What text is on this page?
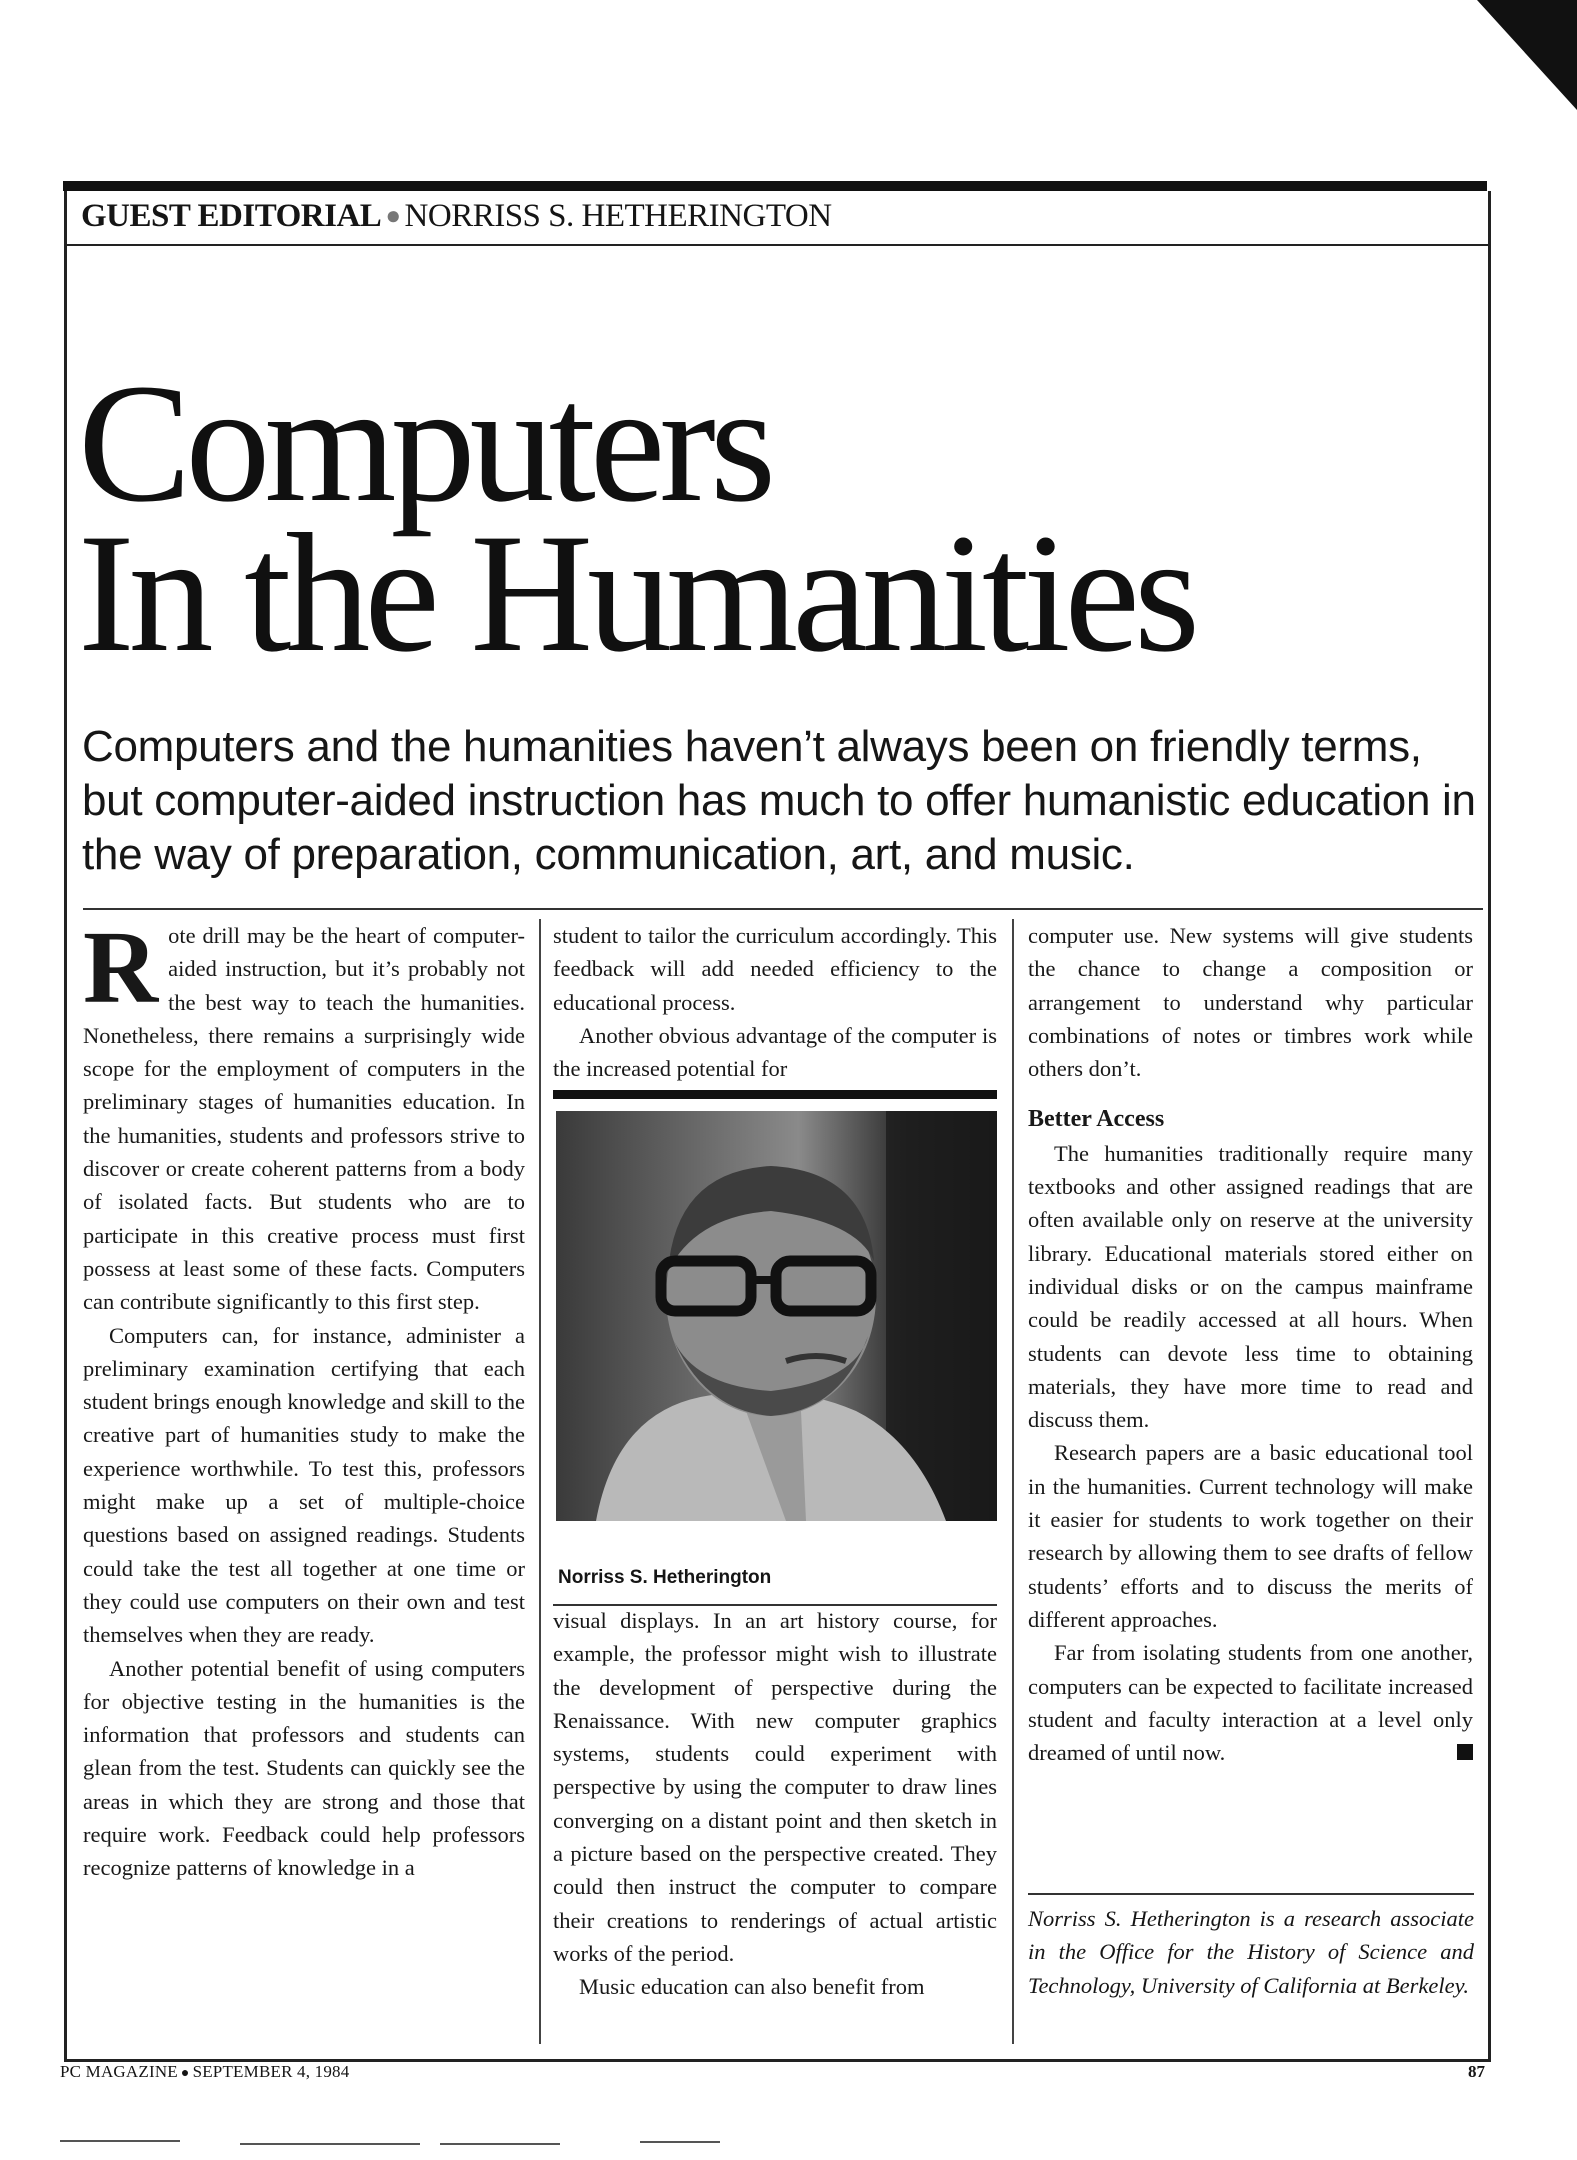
GUEST EDITORIAL ● NORRISS S. HETHERINGTON
Computers
In the Humanities

Computers and the humanities haven’t always been on friendly terms, but computer-aided instruction has much to offer humanistic education in the way of preparation, communication, art, and music.

Rote drill may be the heart of computer-aided instruction, but it’s probably not the best way to teach the humanities. Nonetheless, there remains a surprisingly wide scope for the employment of computers in the preliminary stages of humanities education. In the humanities, students and professors strive to discover or create coherent patterns from a body of isolated facts. But students who are to participate in this creative process must first possess at least some of these facts. Computers can contribute significantly to this first step.

Computers can, for instance, administer a preliminary examination certifying that each student brings enough knowledge and skill to the creative part of humanities study to make the experience worthwhile. To test this, professors might make up a set of multiple-choice questions based on assigned readings. Students could take the test all together at one time or they could use computers on their own and test themselves when they are ready.

Another potential benefit of using computers for objective testing in the humanities is the information that professors and students can glean from the test. Students can quickly see the areas in which they are strong and those that require work. Feedback could help professors recognize patterns of knowledge in a

student to tailor the curriculum accordingly. This feedback will add needed efficiency to the educational process.

Another obvious advantage of the computer is the increased potential for

Norriss S. Hetherington

visual displays. In an art history course, for example, the professor might wish to illustrate the development of perspective during the Renaissance. With new computer graphics systems, students could experiment with perspective by using the computer to draw lines converging on a distant point and then sketch in a picture based on the perspective created. They could then instruct the computer to compare their creations to renderings of actual artistic works of the period.

Music education can also benefit from

computer use. New systems will give students the chance to change a composition or arrangement to understand why particular combinations of notes or timbres work while others don’t.

Better Access

The humanities traditionally require many textbooks and other assigned readings that are often available only on reserve at the university library. Educational materials stored either on individual disks or on the campus mainframe could be readily accessed at all hours. When students can devote less time to obtaining materials, they have more time to read and discuss them.

Research papers are a basic educational tool in the humanities. Current technology will make it easier for students to work together on their research by allowing them to see drafts of fellow students’ efforts and to discuss the merits of different approaches.

Far from isolating students from one another, computers can be expected to facilitate increased student and faculty interaction at a level only dreamed of until now.

Norriss S. Hetherington is a research associate in the Office for the History of Science and Technology, University of California at Berkeley.

PC MAGAZINE ● SEPTEMBER 4, 1984	87
